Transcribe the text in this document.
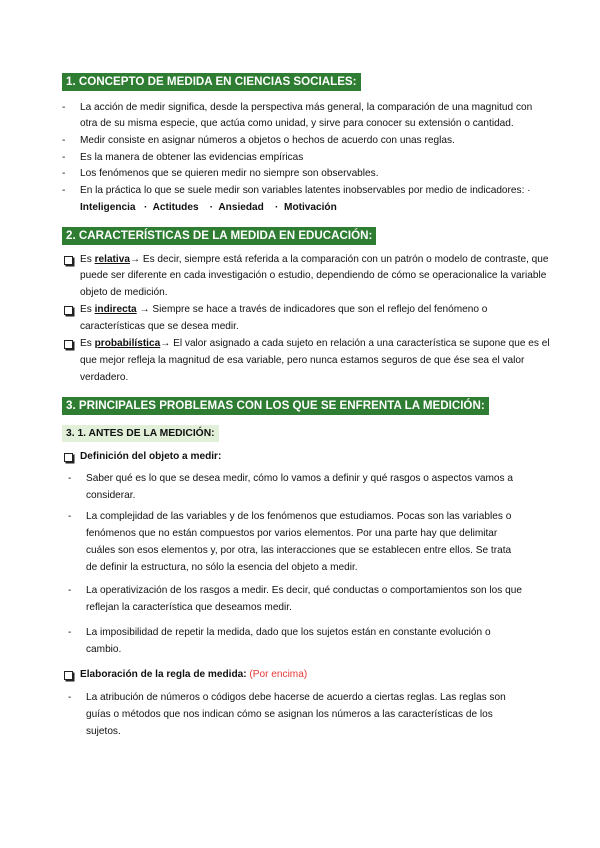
1. CONCEPTO DE MEDIDA EN CIENCIAS SOCIALES:
- La acción de medir significa, desde la perspectiva más general, la comparación de una magnitud con
otra de su misma especie, que actúa como unidad, y sirve para conocer su extensión o cantidad.
- Medir consiste en asignar números a objetos o hechos de acuerdo con unas reglas.
- Es la manera de obtener las evidencias empíricas
- Los fenómenos que se quieren medir no siempre son observables.
- En la práctica lo que se suele medir son variables latentes inobservables por medio de indicadores: ·
Inteligencia · Actitudes · Ansiedad · Motivación
2. CARACTERÍSTICAS DE LA MEDIDA EN EDUCACIÓN:
Es relativa→ Es decir, siempre está referida a la comparación con un patrón o modelo de contraste, que
puede ser diferente en cada investigación o estudio, dependiendo de cómo se operacionalice la variable
objeto de medición.
Es indirecta → Siempre se hace a través de indicadores que son el reflejo del fenómeno o
características que se desea medir.
Es probabilística→ El valor asignado a cada sujeto en relación a una característica se supone que es el
que mejor refleja la magnitud de esa variable, pero nunca estamos seguros de que ése sea el valor
verdadero.
3. PRINCIPALES PROBLEMAS CON LOS QUE SE ENFRENTA LA MEDICIÓN:
3. 1. ANTES DE LA MEDICIÓN:
Definición del objeto a medir:
- Saber qué es lo que se desea medir, cómo lo vamos a definir y qué rasgos o aspectos vamos a
considerar.
- La complejidad de las variables y de los fenómenos que estudiamos. Pocas son las variables o
fenómenos que no están compuestos por varios elementos. Por una parte hay que delimitar
cuáles son esos elementos y, por otra, las interacciones que se establecen entre ellos. Se trata
de definir la estructura, no sólo la esencia del objeto a medir.
- La operativización de los rasgos a medir. Es decir, qué conductas o comportamientos son los que
reflejan la característica que deseamos medir.
- La imposibilidad de repetir la medida, dado que los sujetos están en constante evolución o
cambio.
Elaboración de la regla de medida: (Por encima)
- La atribución de números o códigos debe hacerse de acuerdo a ciertas reglas. Las reglas son
guías o métodos que nos indican cómo se asignan los números a las características de los
sujetos.
